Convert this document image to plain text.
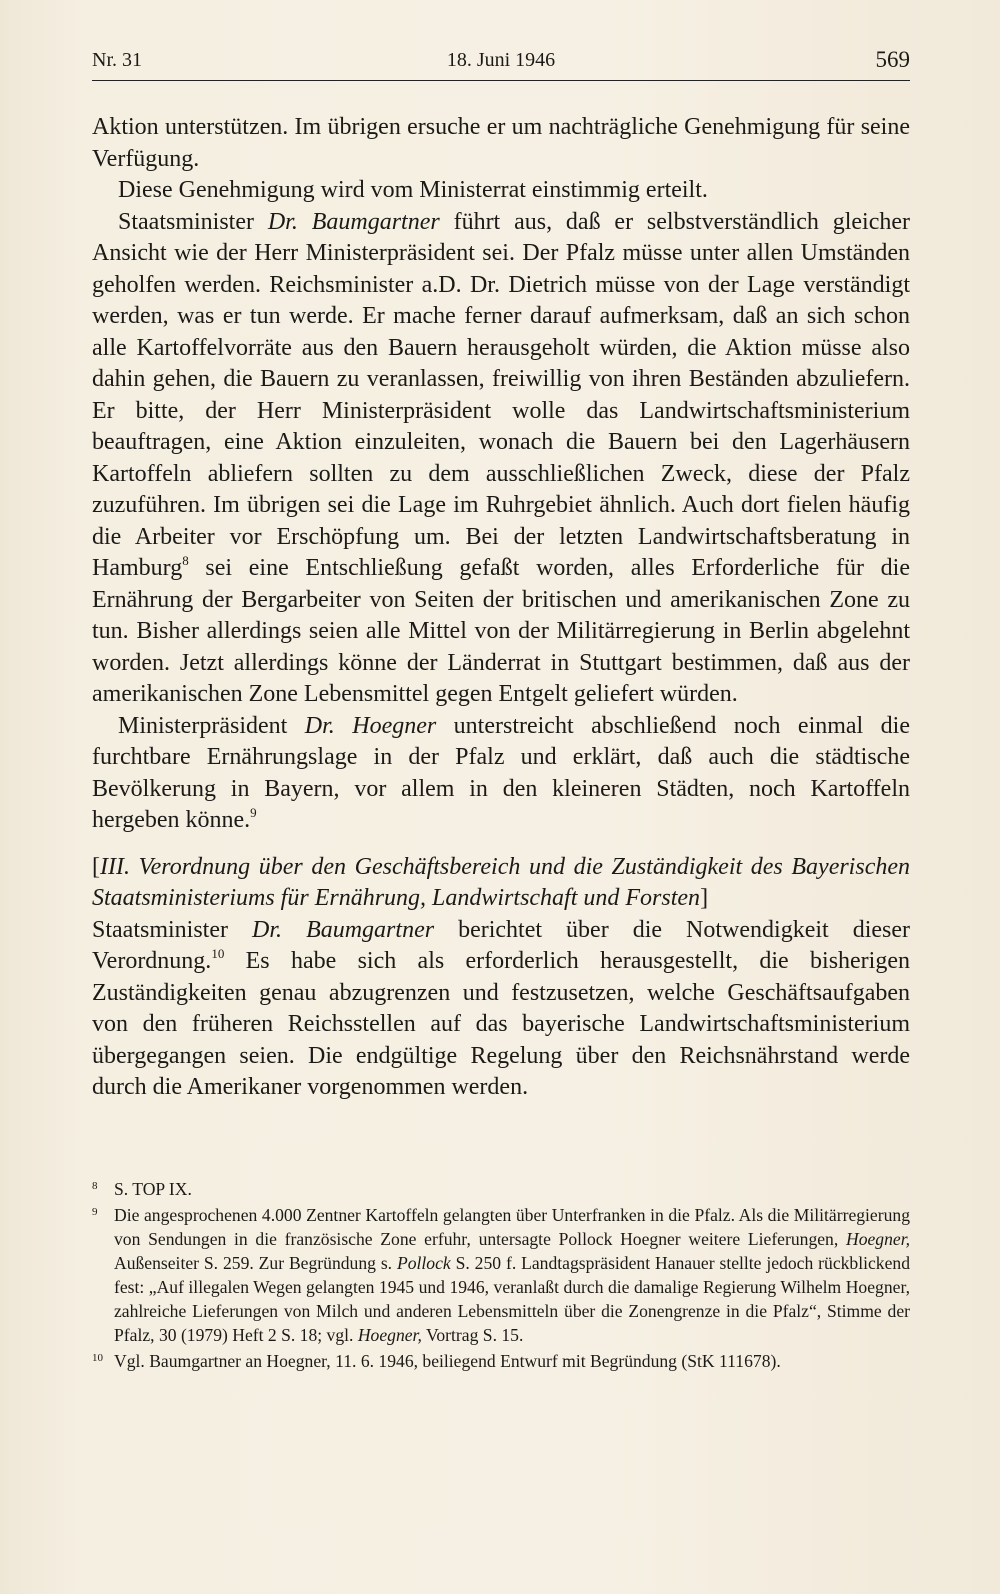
Nr. 31	18. Juni 1946	569

Aktion unterstützen. Im übrigen ersuche er um nachträgliche Genehmigung für seine Verfügung.

Diese Genehmigung wird vom Ministerrat einstimmig erteilt.

Staatsminister Dr. Baumgartner führt aus, daß er selbstverständlich gleicher Ansicht wie der Herr Ministerpräsident sei. Der Pfalz müsse unter allen Umständen geholfen werden. Reichsminister a.D. Dr. Dietrich müsse von der Lage verständigt werden, was er tun werde. Er mache ferner darauf aufmerksam, daß an sich schon alle Kartoffelvorräte aus den Bauern herausgeholt würden, die Aktion müsse also dahin gehen, die Bauern zu veranlassen, freiwillig von ihren Beständen abzuliefern. Er bitte, der Herr Ministerpräsident wolle das Landwirtschaftsministerium beauftragen, eine Aktion einzuleiten, wonach die Bauern bei den Lagerhäusern Kartoffeln abliefern sollten zu dem ausschließlichen Zweck, diese der Pfalz zuzuführen. Im übrigen sei die Lage im Ruhrgebiet ähnlich. Auch dort fielen häufig die Arbeiter vor Erschöpfung um. Bei der letzten Landwirtschaftsberatung in Hamburg$^8$ sei eine Entschließung gefaßt worden, alles Erforderliche für die Ernährung der Bergarbeiter von Seiten der britischen und amerikanischen Zone zu tun. Bisher allerdings seien alle Mittel von der Militärregierung in Berlin abgelehnt worden. Jetzt allerdings könne der Länderrat in Stuttgart bestimmen, daß aus der amerikanischen Zone Lebensmittel gegen Entgelt geliefert würden.

Ministerpräsident Dr. Hoegner unterstreicht abschließend noch einmal die furchtbare Ernährungslage in der Pfalz und erklärt, daß auch die städtische Bevölkerung in Bayern, vor allem in den kleineren Städten, noch Kartoffeln hergeben könne.$^9$

[III. Verordnung über den Geschäftsbereich und die Zuständigkeit des Bayerischen Staatsministeriums für Ernährung, Landwirtschaft und Forsten]

Staatsminister Dr. Baumgartner berichtet über die Notwendigkeit dieser Verordnung.$^{10}$ Es habe sich als erforderlich herausgestellt, die bisherigen Zuständigkeiten genau abzugrenzen und festzusetzen, welche Geschäftsaufgaben von den früheren Reichsstellen auf das bayerische Landwirtschaftsministerium übergegangen seien. Die endgültige Regelung über den Reichsnährstand werde durch die Amerikaner vorgenommen werden.

8 S. TOP IX.
9 Die angesprochenen 4.000 Zentner Kartoffeln gelangten über Unterfranken in die Pfalz. Als die Militärregierung von Sendungen in die französische Zone erfuhr, untersagte Pollock Hoegner weitere Lieferungen, Hoegner, Außenseiter S. 259. Zur Begründung s. Pollock S. 250 f. Landtagspräsident Hanauer stellte jedoch rückblickend fest: „Auf illegalen Wegen gelangten 1945 und 1946, veranlaßt durch die damalige Regierung Wilhelm Hoegner, zahlreiche Lieferungen von Milch und anderen Lebensmitteln über die Zonengrenze in die Pfalz“, Stimme der Pfalz, 30 (1979) Heft 2 S. 18; vgl. Hoegner, Vortrag S. 15.
10 Vgl. Baumgartner an Hoegner, 11. 6. 1946, beiliegend Entwurf mit Begründung (StK 111678).
